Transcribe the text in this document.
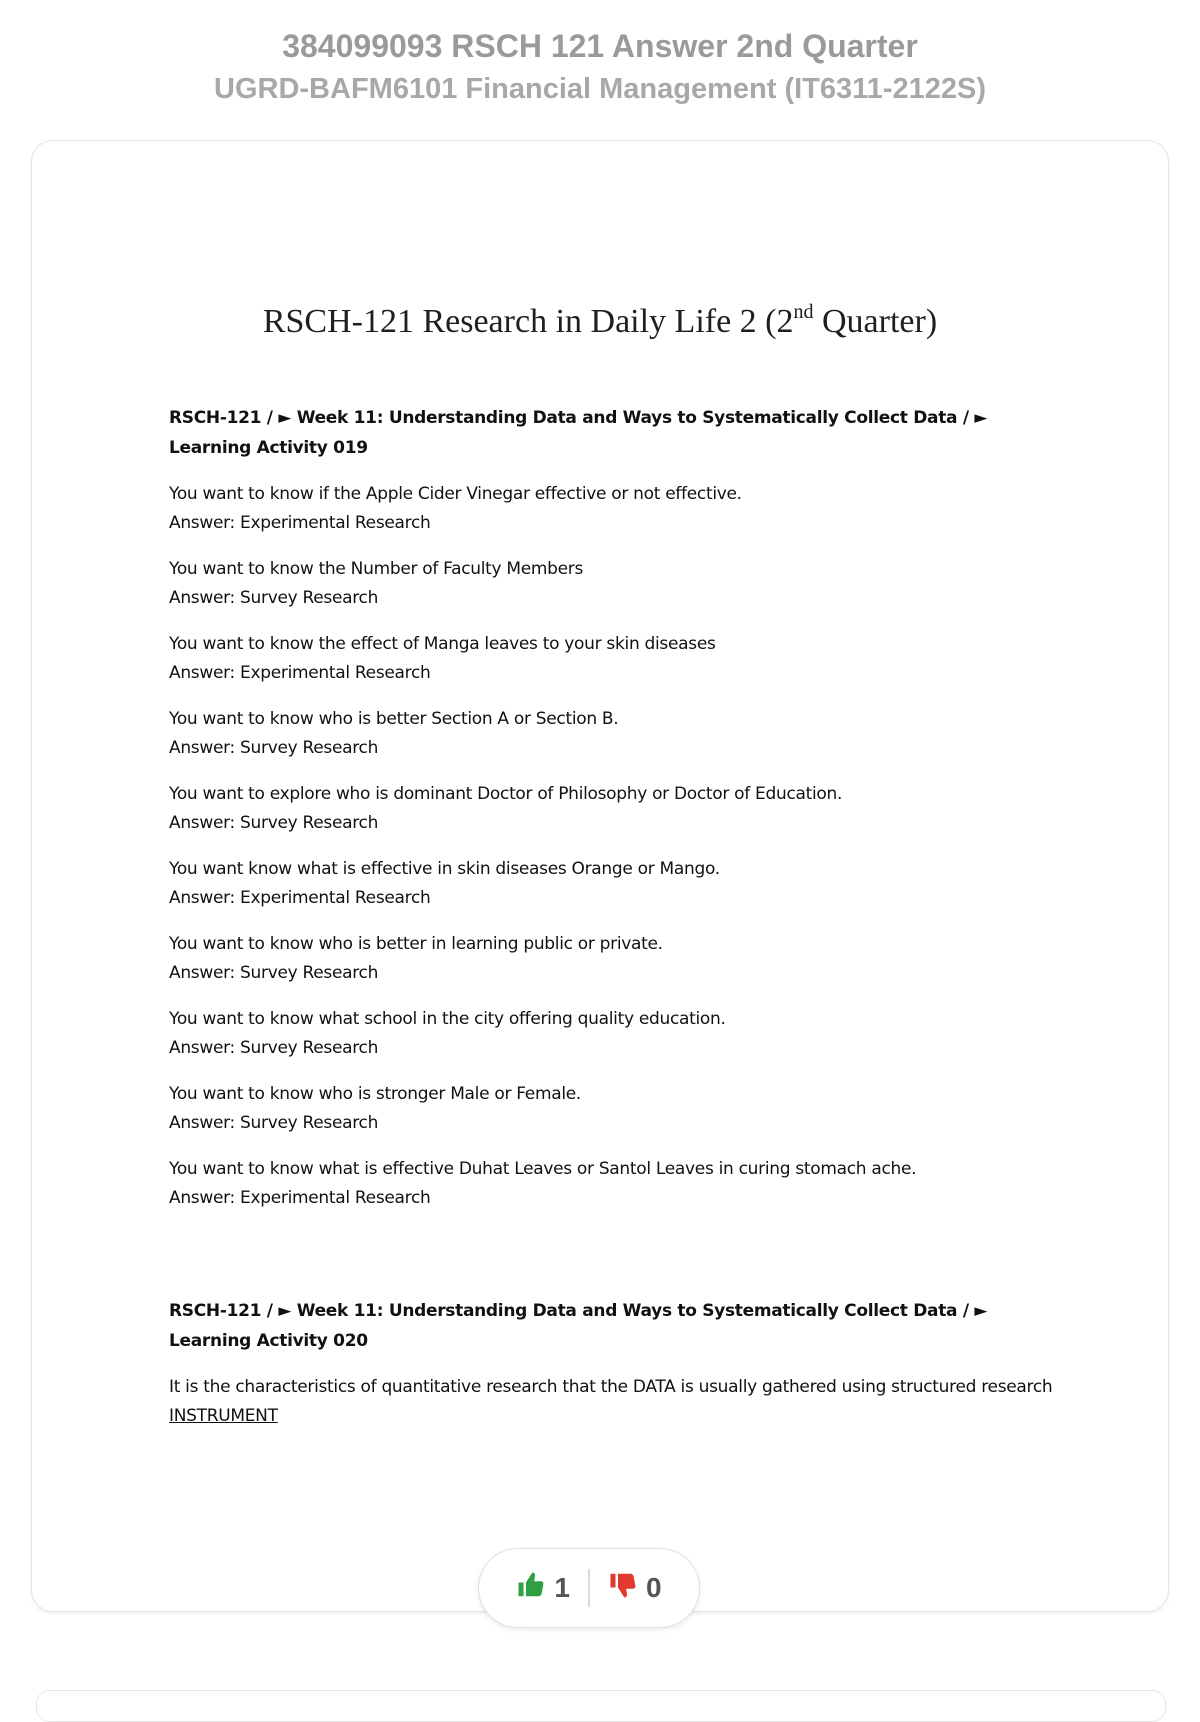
384099093 RSCH 121 Answer 2nd Quarter
UGRD-BAFM6101 Financial Management (IT6311-2122S)
RSCH-121 Research in Daily Life 2 (2nd Quarter)
RSCH-121 / ► Week 11: Understanding Data and Ways to Systematically Collect Data / ► Learning Activity 019
You want to know if the Apple Cider Vinegar effective or not effective.
Answer: Experimental Research
You want to know the Number of Faculty Members
Answer: Survey Research
You want to know the effect of Manga leaves to your skin diseases
Answer: Experimental Research
You want to know who is better Section A or Section B.
Answer: Survey Research
You want to explore who is dominant Doctor of Philosophy or Doctor of Education.
Answer: Survey Research
You want know what is effective in skin diseases Orange or Mango.
Answer: Experimental Research
You want to know who is better in learning public or private.
Answer: Survey Research
You want to know what school in the city offering quality education.
Answer: Survey Research
You want to know who is stronger Male or Female.
Answer: Survey Research
You want to know what is effective Duhat Leaves or Santol Leaves in curing stomach ache.
Answer: Experimental Research
RSCH-121 / ► Week 11: Understanding Data and Ways to Systematically Collect Data / ► Learning Activity 020
It is the characteristics of quantitative research that the DATA is usually gathered using structured research INSTRUMENT
1	0
